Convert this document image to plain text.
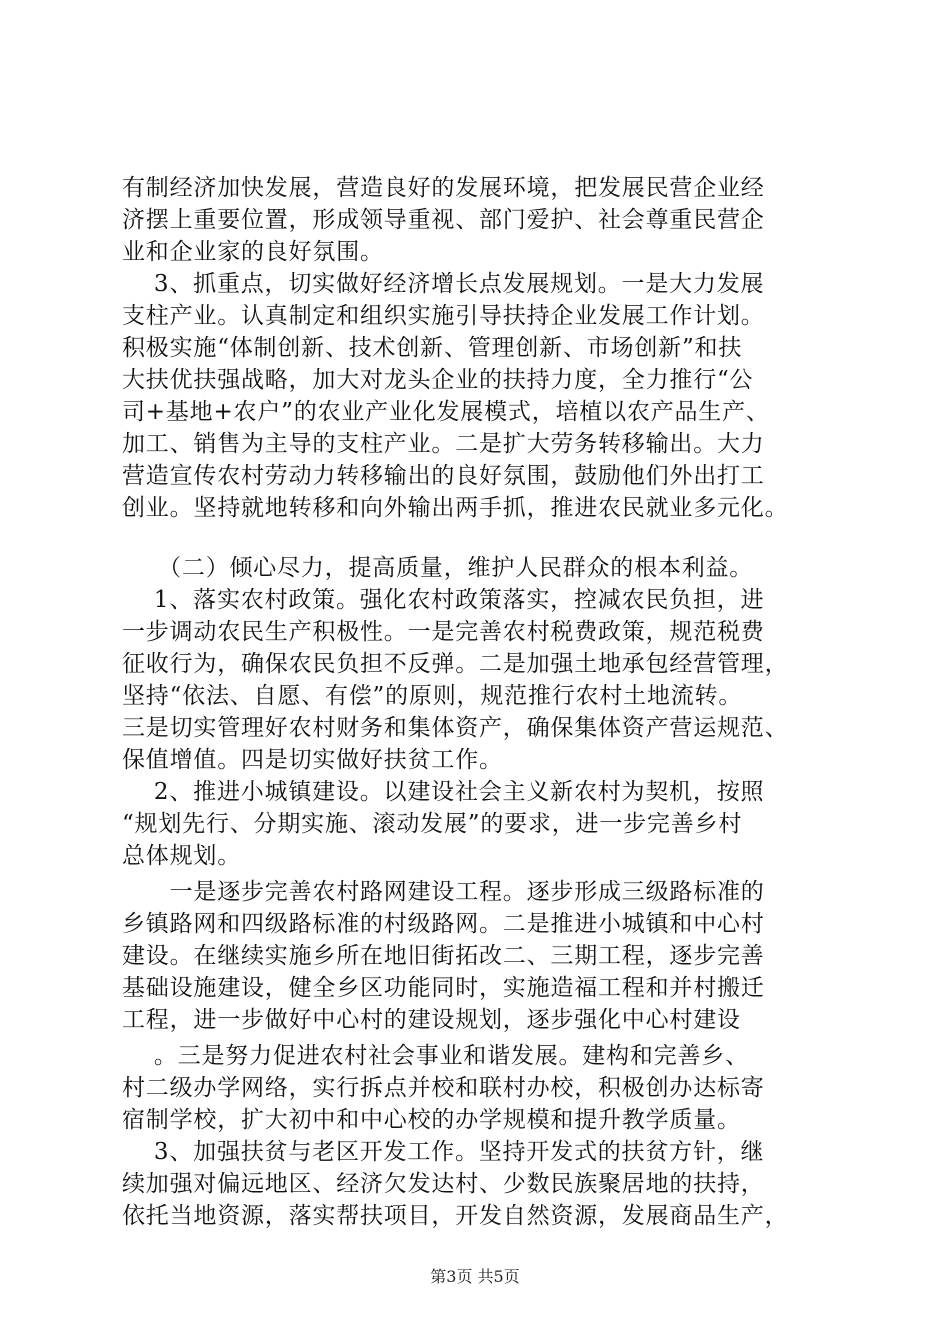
有制经济加快发展，营造良好的发展环境，把发展民营企业经
济摆上重要位置，形成领导重视、部门爱护、社会尊重民营企
业和企业家的良好氛围。
　 3、抓重点，切实做好经济增长点发展规划。一是大力发展
支柱产业。认真制定和组织实施引导扶持企业发展工作计划。
积极实施“体制创新、技术创新、管理创新、市场创新”和扶
大扶优扶强战略，加大对龙头企业的扶持力度，全力推行“公
司+基地+农户”的农业产业化发展模式，培植以农产品生产、
加工、销售为主导的支柱产业。二是扩大劳务转移输出。大力
营造宣传农村劳动力转移输出的良好氛围，鼓励他们外出打工
创业。坚持就地转移和向外输出两手抓，推进农民就业多元化。
　　（二）倾心尽力，提高质量，维护人民群众的根本利益。
　 1、落实农村政策。强化农村政策落实，控减农民负担，进
一步调动农民生产积极性。一是完善农村税费政策，规范税费
征收行为，确保农民负担不反弹。二是加强土地承包经营管理，
坚持“依法、自愿、有偿”的原则，规范推行农村土地流转。
三是切实管理好农村财务和集体资产，确保集体资产营运规范、
保值增值。四是切实做好扶贫工作。
　 2、推进小城镇建设。以建设社会主义新农村为契机，按照
“规划先行、分期实施、滚动发展”的要求，进一步完善乡村
总体规划。
　　一是逐步完善农村路网建设工程。逐步形成三级路标准的
乡镇路网和四级路标准的村级路网。二是推进小城镇和中心村
建设。在继续实施乡所在地旧街拓改二、三期工程，逐步完善
基础设施建设，健全乡区功能同时，实施造福工程和并村搬迁
工程，进一步做好中心村的建设规划，逐步强化中心村建设
　 。三是努力促进农村社会事业和谐发展。建构和完善乡、
村二级办学网络，实行拆点并校和联村办校，积极创办达标寄
宿制学校，扩大初中和中心校的办学规模和提升教学质量。
　 3、加强扶贫与老区开发工作。坚持开发式的扶贫方针，继
续加强对偏远地区、经济欠发达村、少数民族聚居地的扶持，
依托当地资源，落实帮扶项目，开发自然资源，发展商品生产，
第3页 共5页
